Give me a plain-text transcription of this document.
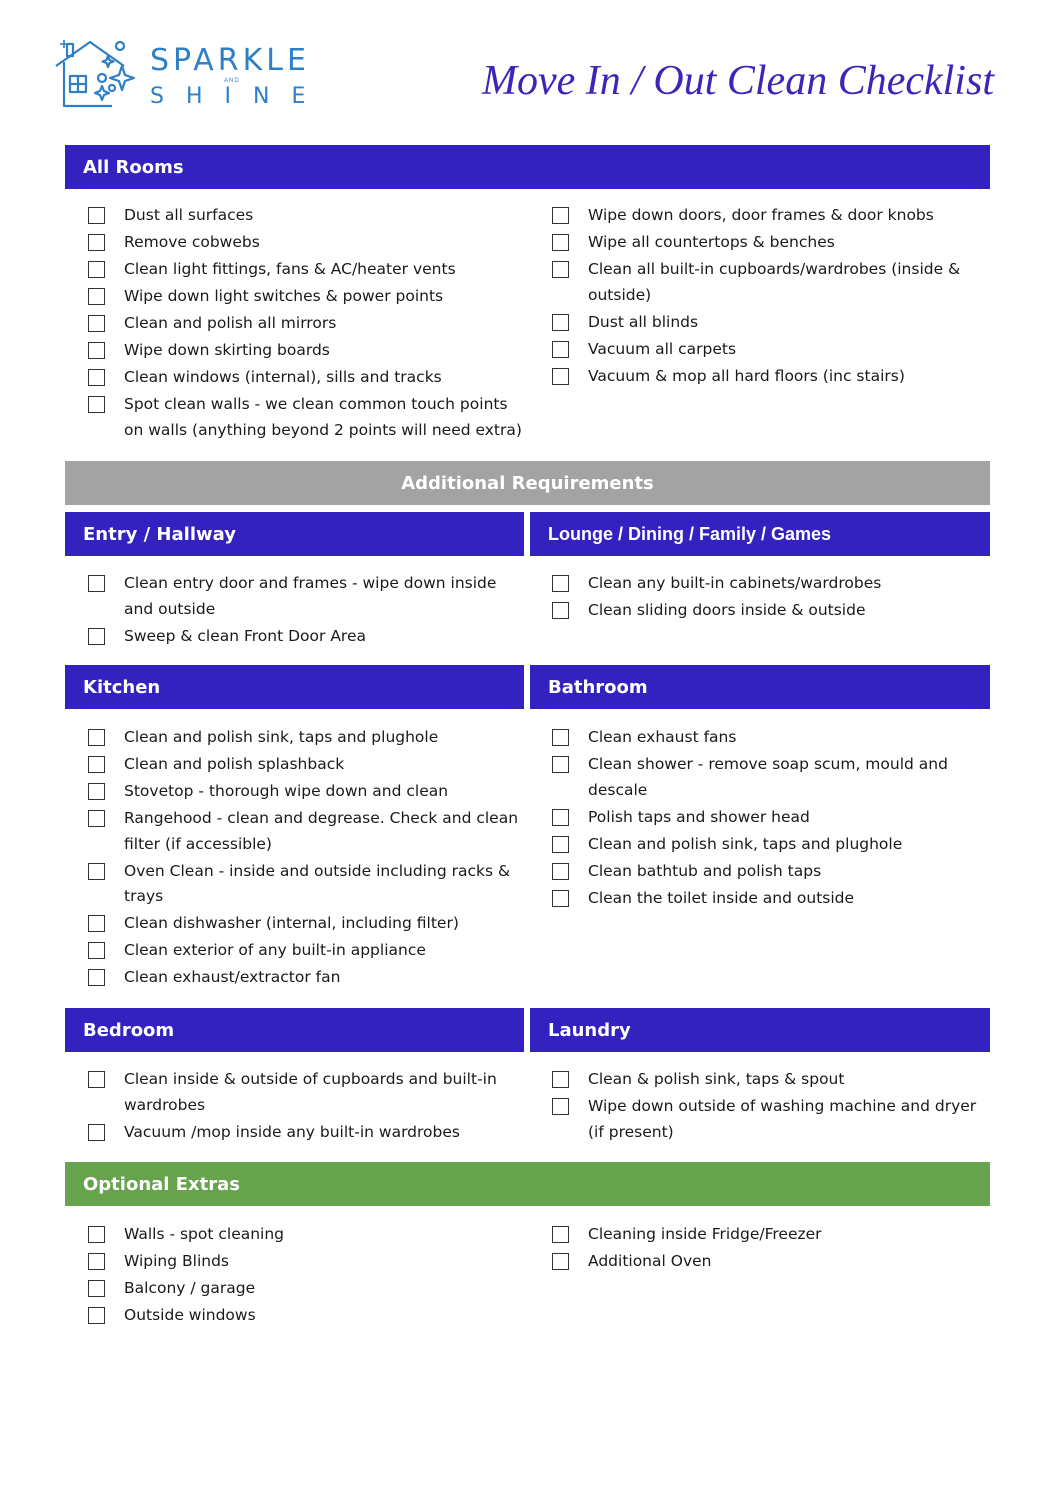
SPARKLE
AND
SHINE	Move In / Out Clean Checklist
All Rooms
Dust all surfaces
Remove cobwebs
Clean light fittings, fans & AC/heater vents
Wipe down light switches & power points
Clean and polish all mirrors
Wipe down skirting boards
Clean windows (internal), sills and tracks
Spot clean walls - we clean common touch points on walls (anything beyond 2 points will need extra)
Wipe down doors, door frames & door knobs
Wipe all countertops & benches
Clean all built-in cupboards/wardrobes (inside & outside)
Dust all blinds
Vacuum all carpets
Vacuum & mop all hard floors (inc stairs)
Additional Requirements
Entry / Hallway	Lounge / Dining / Family / Games
Clean entry door and frames - wipe down inside and outside
Sweep & clean Front Door Area
Clean any built-in cabinets/wardrobes
Clean sliding doors inside & outside
Kitchen	Bathroom
Clean and polish sink, taps and plughole
Clean and polish splashback
Stovetop - thorough wipe down and clean
Rangehood - clean and degrease. Check and clean filter (if accessible)
Oven Clean - inside and outside including racks & trays
Clean dishwasher (internal, including filter)
Clean exterior of any built-in appliance
Clean exhaust/extractor fan
Clean exhaust fans
Clean shower - remove soap scum, mould and descale
Polish taps and shower head
Clean and polish sink, taps and plughole
Clean bathtub and polish taps
Clean the toilet inside and outside
Bedroom	Laundry
Clean inside & outside of cupboards and built-in wardrobes
Vacuum /mop inside any built-in wardrobes
Clean & polish sink, taps & spout
Wipe down outside of washing machine and dryer (if present)
Optional Extras
Walls - spot cleaning
Wiping Blinds
Balcony / garage
Outside windows
Cleaning inside Fridge/Freezer
Additional Oven
